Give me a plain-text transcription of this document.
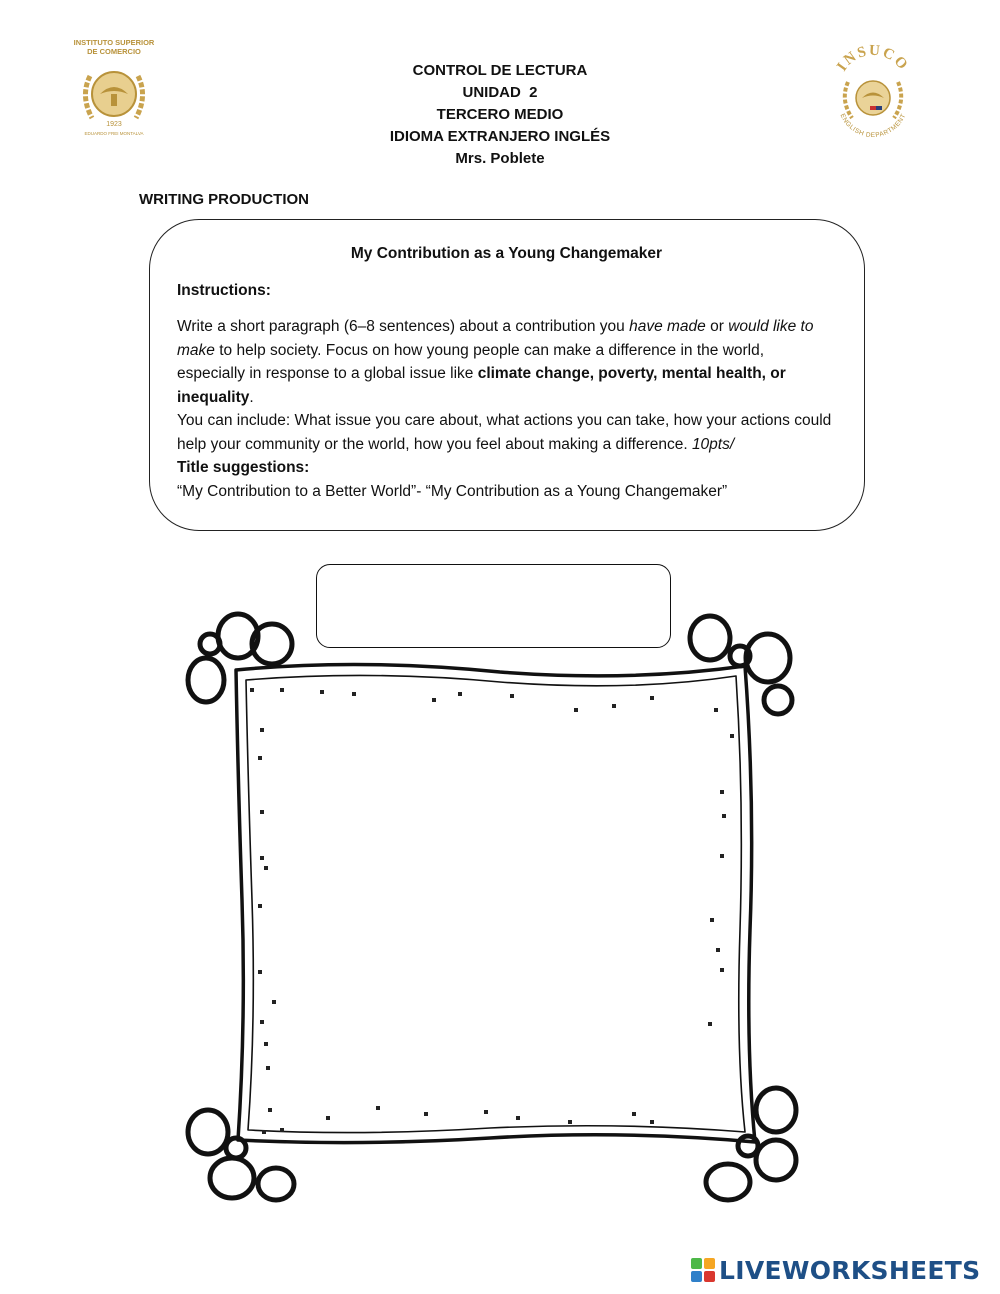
INSTITUTO SUPERIOR
DE COMERCIO
1923
EDUARDO FREI MONTALVA
INSUCO
ENGLISH DEPARTMENT
CONTROL DE LECTURA
UNIDAD  2
TERCERO MEDIO
IDIOMA EXTRANJERO INGLÉS
Mrs. Poblete
WRITING PRODUCTION
My Contribution as a Young Changemaker
Instructions:

Write a short paragraph (6–8 sentences) about a contribution you have made or would like to make to help society. Focus on how young people can make a difference in the world, especially in response to a global issue like climate change, poverty, mental health, or inequality.

You can include: What issue you care about, what actions you can take, how your actions could help your community or the world, how you feel about making a difference. 10pts/

Title suggestions:

“My Contribution to a Better World”- “My Contribution as a Young Changemaker”

LIVEWORKSHEETS
